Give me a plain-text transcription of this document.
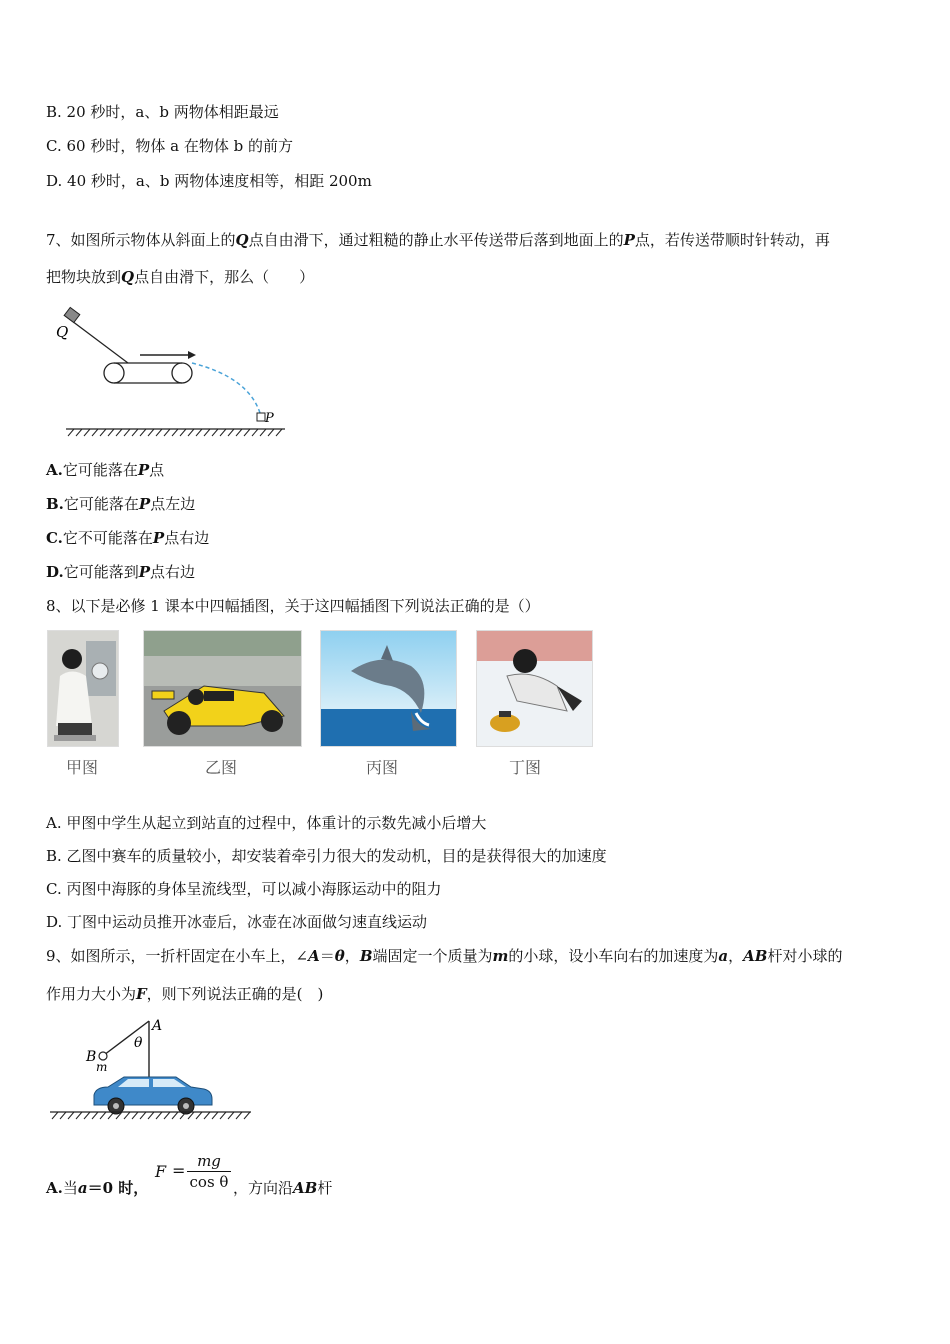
B. 20 秒时，a、b 两物体相距最远
C. 60 秒时，物体 a 在物体 b 的前方
D. 40 秒时，a、b 两物体速度相等，相距 200m
7、如图所示物体从斜面上的Q点自由滑下，通过粗糙的静止水平传送带后落到地面上的P点，若传送带顺时针转动，再
把物块放到Q点自由滑下，那么（　　）
Q
P
A.它可能落在P点
B.它可能落在P点左边
C.它不可能落在P点右边
D.它可能落到P点右边
8、以下是必修 1 课本中四幅插图，关于这四幅插图下列说法正确的是（）
甲图	乙图	丙图	丁图
A. 甲图中学生从起立到站直的过程中，体重计的示数先减小后增大
B. 乙图中赛车的质量较小，却安装着牵引力很大的发动机，目的是获得很大的加速度
C. 丙图中海豚的身体呈流线型，可以减小海豚运动中的阻力
D. 丁图中运动员推开冰壶后，冰壶在冰面做匀速直线运动
9、如图所示，一折杆固定在小车上，∠A＝θ，B端固定一个质量为m的小球，设小车向右的加速度为a，AB杆对小球的
作用力大小为F，则下列说法正确的是(　)
A
θ
B
m
A.当a＝0 时，
F = mg
cos θ ，方向沿AB杆
